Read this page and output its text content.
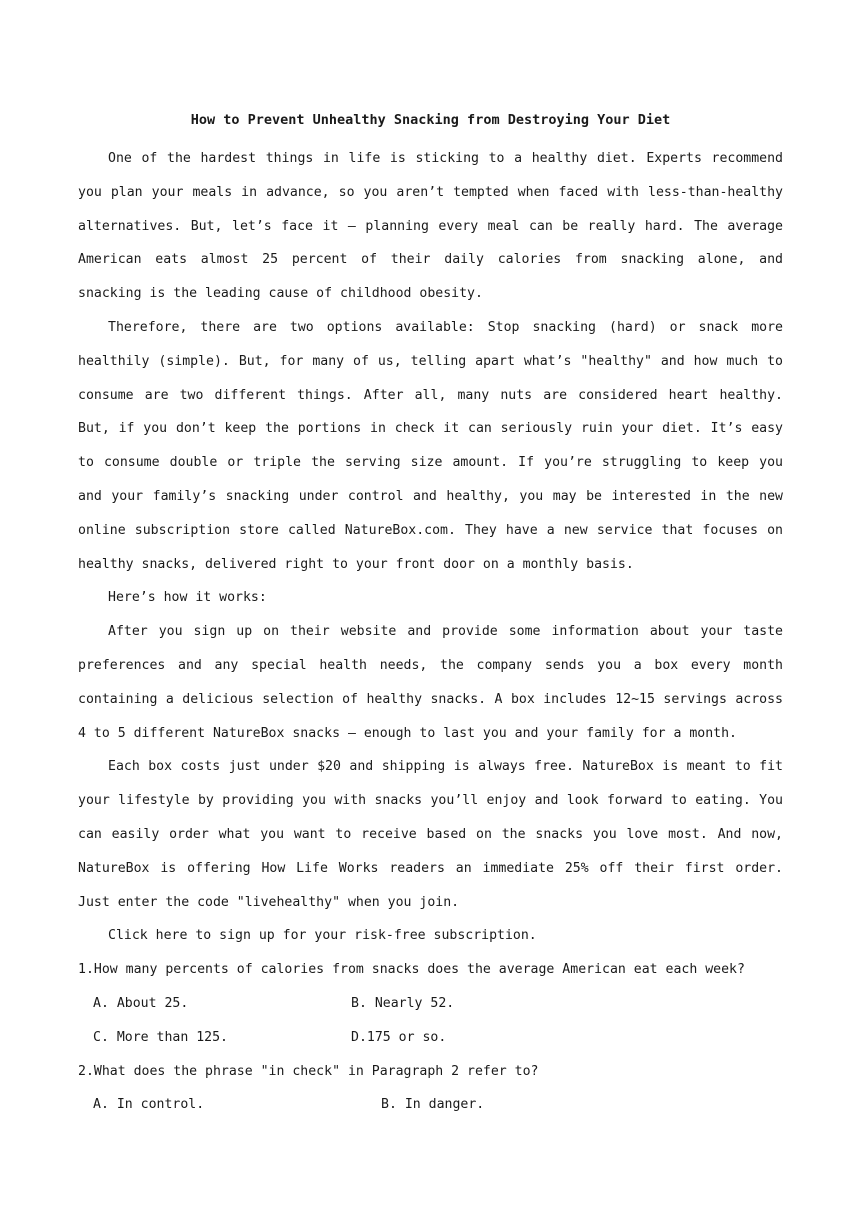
How to Prevent Unhealthy Snacking from Destroying Your Diet

One of the hardest things in life is sticking to a healthy diet. Experts recommend you plan your meals in advance, so you aren’t tempted when faced with less-than-healthy alternatives. But, let’s face it — planning every meal can be really hard. The average American eats almost 25 percent of their daily calories from snacking alone, and snacking is the leading cause of childhood obesity.

Therefore, there are two options available: Stop snacking (hard) or snack more healthily (simple). But, for many of us, telling apart what’s "healthy" and how much to consume are two different things. After all, many nuts are considered heart healthy. But, if you don’t keep the portions in check it can seriously ruin your diet. It’s easy to consume double or triple the serving size amount. If you’re struggling to keep you and your family’s snacking under control and healthy, you may be interested in the new online subscription store called NatureBox.com. They have a new service that focuses on healthy snacks, delivered right to your front door on a monthly basis.

Here’s how it works:

After you sign up on their website and provide some information about your taste preferences and any special health needs, the company sends you a box every month containing a delicious selection of healthy snacks. A box includes 12~15 servings across 4 to 5 different NatureBox snacks — enough to last you and your family for a month.

Each box costs just under $20 and shipping is always free. NatureBox is meant to fit your lifestyle by providing you with snacks you’ll enjoy and look forward to eating. You can easily order what you want to receive based on the snacks you love most. And now, NatureBox is offering How Life Works readers an immediate 25% off their first order. Just enter the code "livehealthy" when you join.

Click here to sign up for your risk-free subscription.

1.How many percents of calories from snacks does the average American eat each week?
A. About 25.	B. Nearly 52.
C. More than 125.	D.175 or so.
2.What does the phrase "in check" in Paragraph 2 refer to?
A. In control.	B. In danger.
